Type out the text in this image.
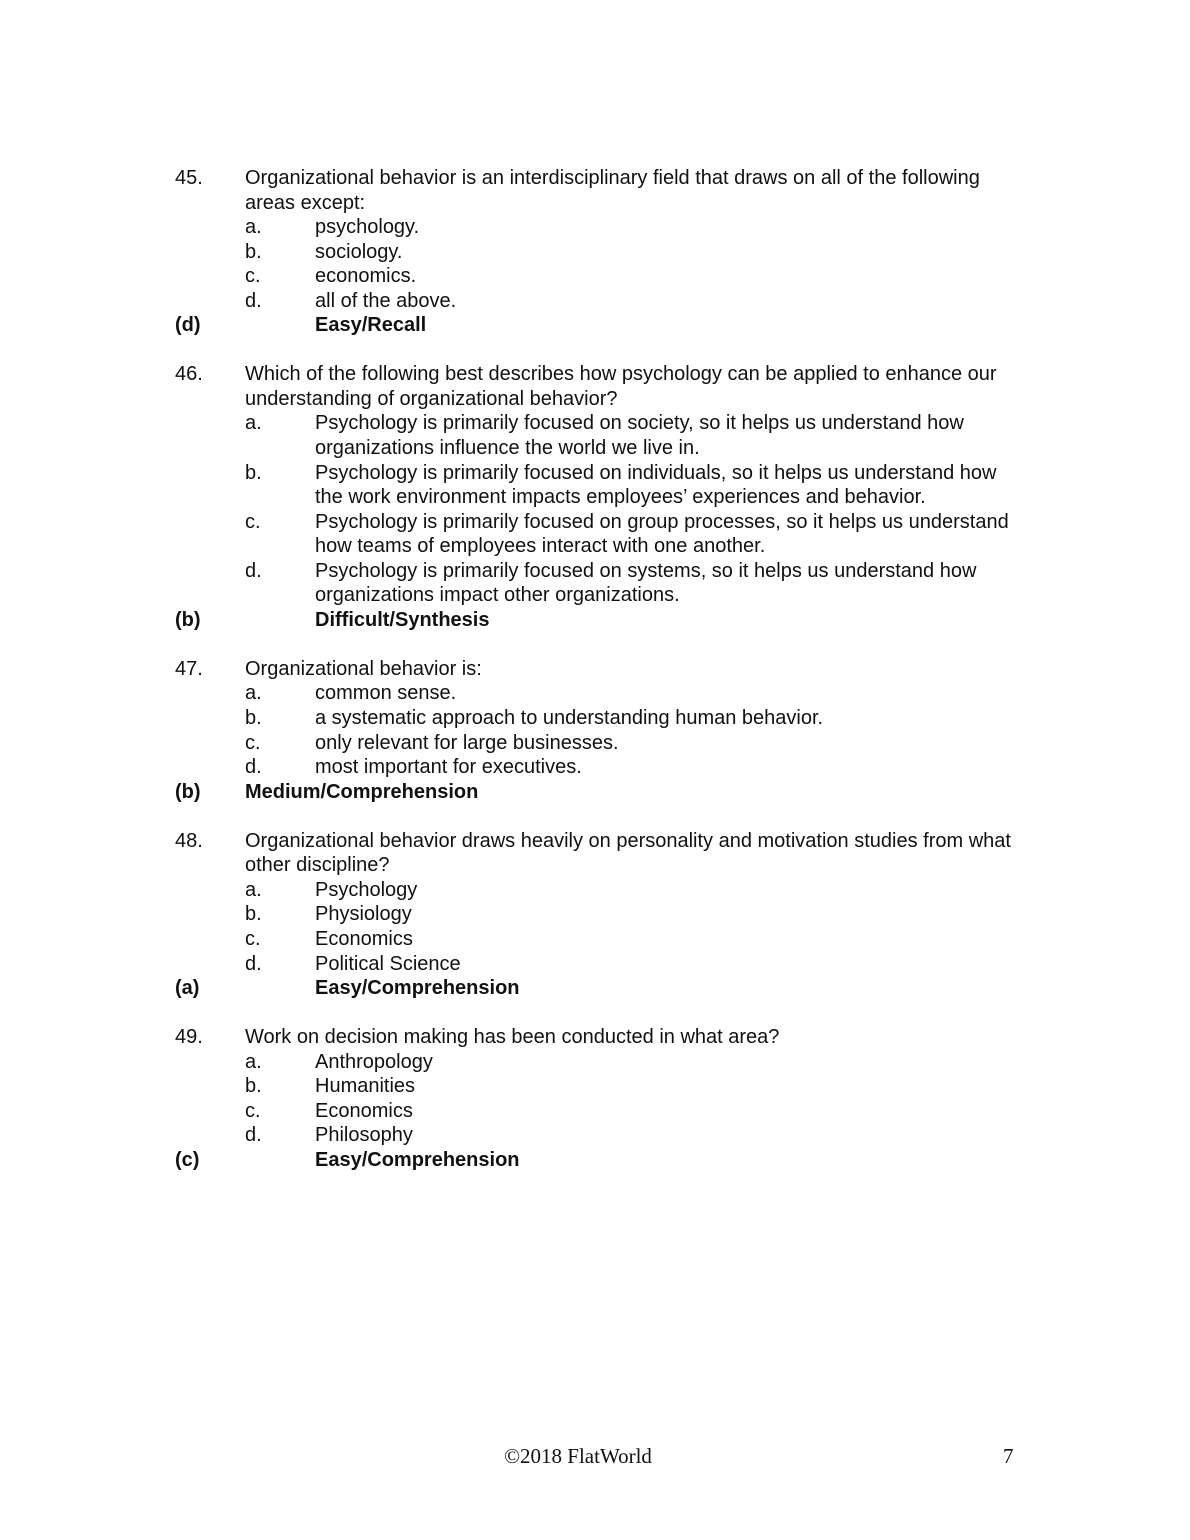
45.	Organizational behavior is an interdisciplinary field that draws on all of the following areas except:
a.	psychology.
b.	sociology.
c.	economics.
d.	all of the above.
(d)	Easy/Recall
46.	Which of the following best describes how psychology can be applied to enhance our understanding of organizational behavior?
a.	Psychology is primarily focused on society, so it helps us understand how organizations influence the world we live in.
b.	Psychology is primarily focused on individuals, so it helps us understand how the work environment impacts employees’ experiences and behavior.
c.	Psychology is primarily focused on group processes, so it helps us understand how teams of employees interact with one another.
d.	Psychology is primarily focused on systems, so it helps us understand how organizations impact other organizations.
(b)	Difficult/Synthesis
47.	Organizational behavior is:
a.	common sense.
b.	a systematic approach to understanding human behavior.
c.	only relevant for large businesses.
d.	most important for executives.
(b)	Medium/Comprehension
48.	Organizational behavior draws heavily on personality and motivation studies from what other discipline?
a.	Psychology
b.	Physiology
c.	Economics
d.	Political Science
(a)	Easy/Comprehension
49.	Work on decision making has been conducted in what area?
a.	Anthropology
b.	Humanities
c.	Economics
d.	Philosophy
(c)	Easy/Comprehension
©2018 FlatWorld	7
